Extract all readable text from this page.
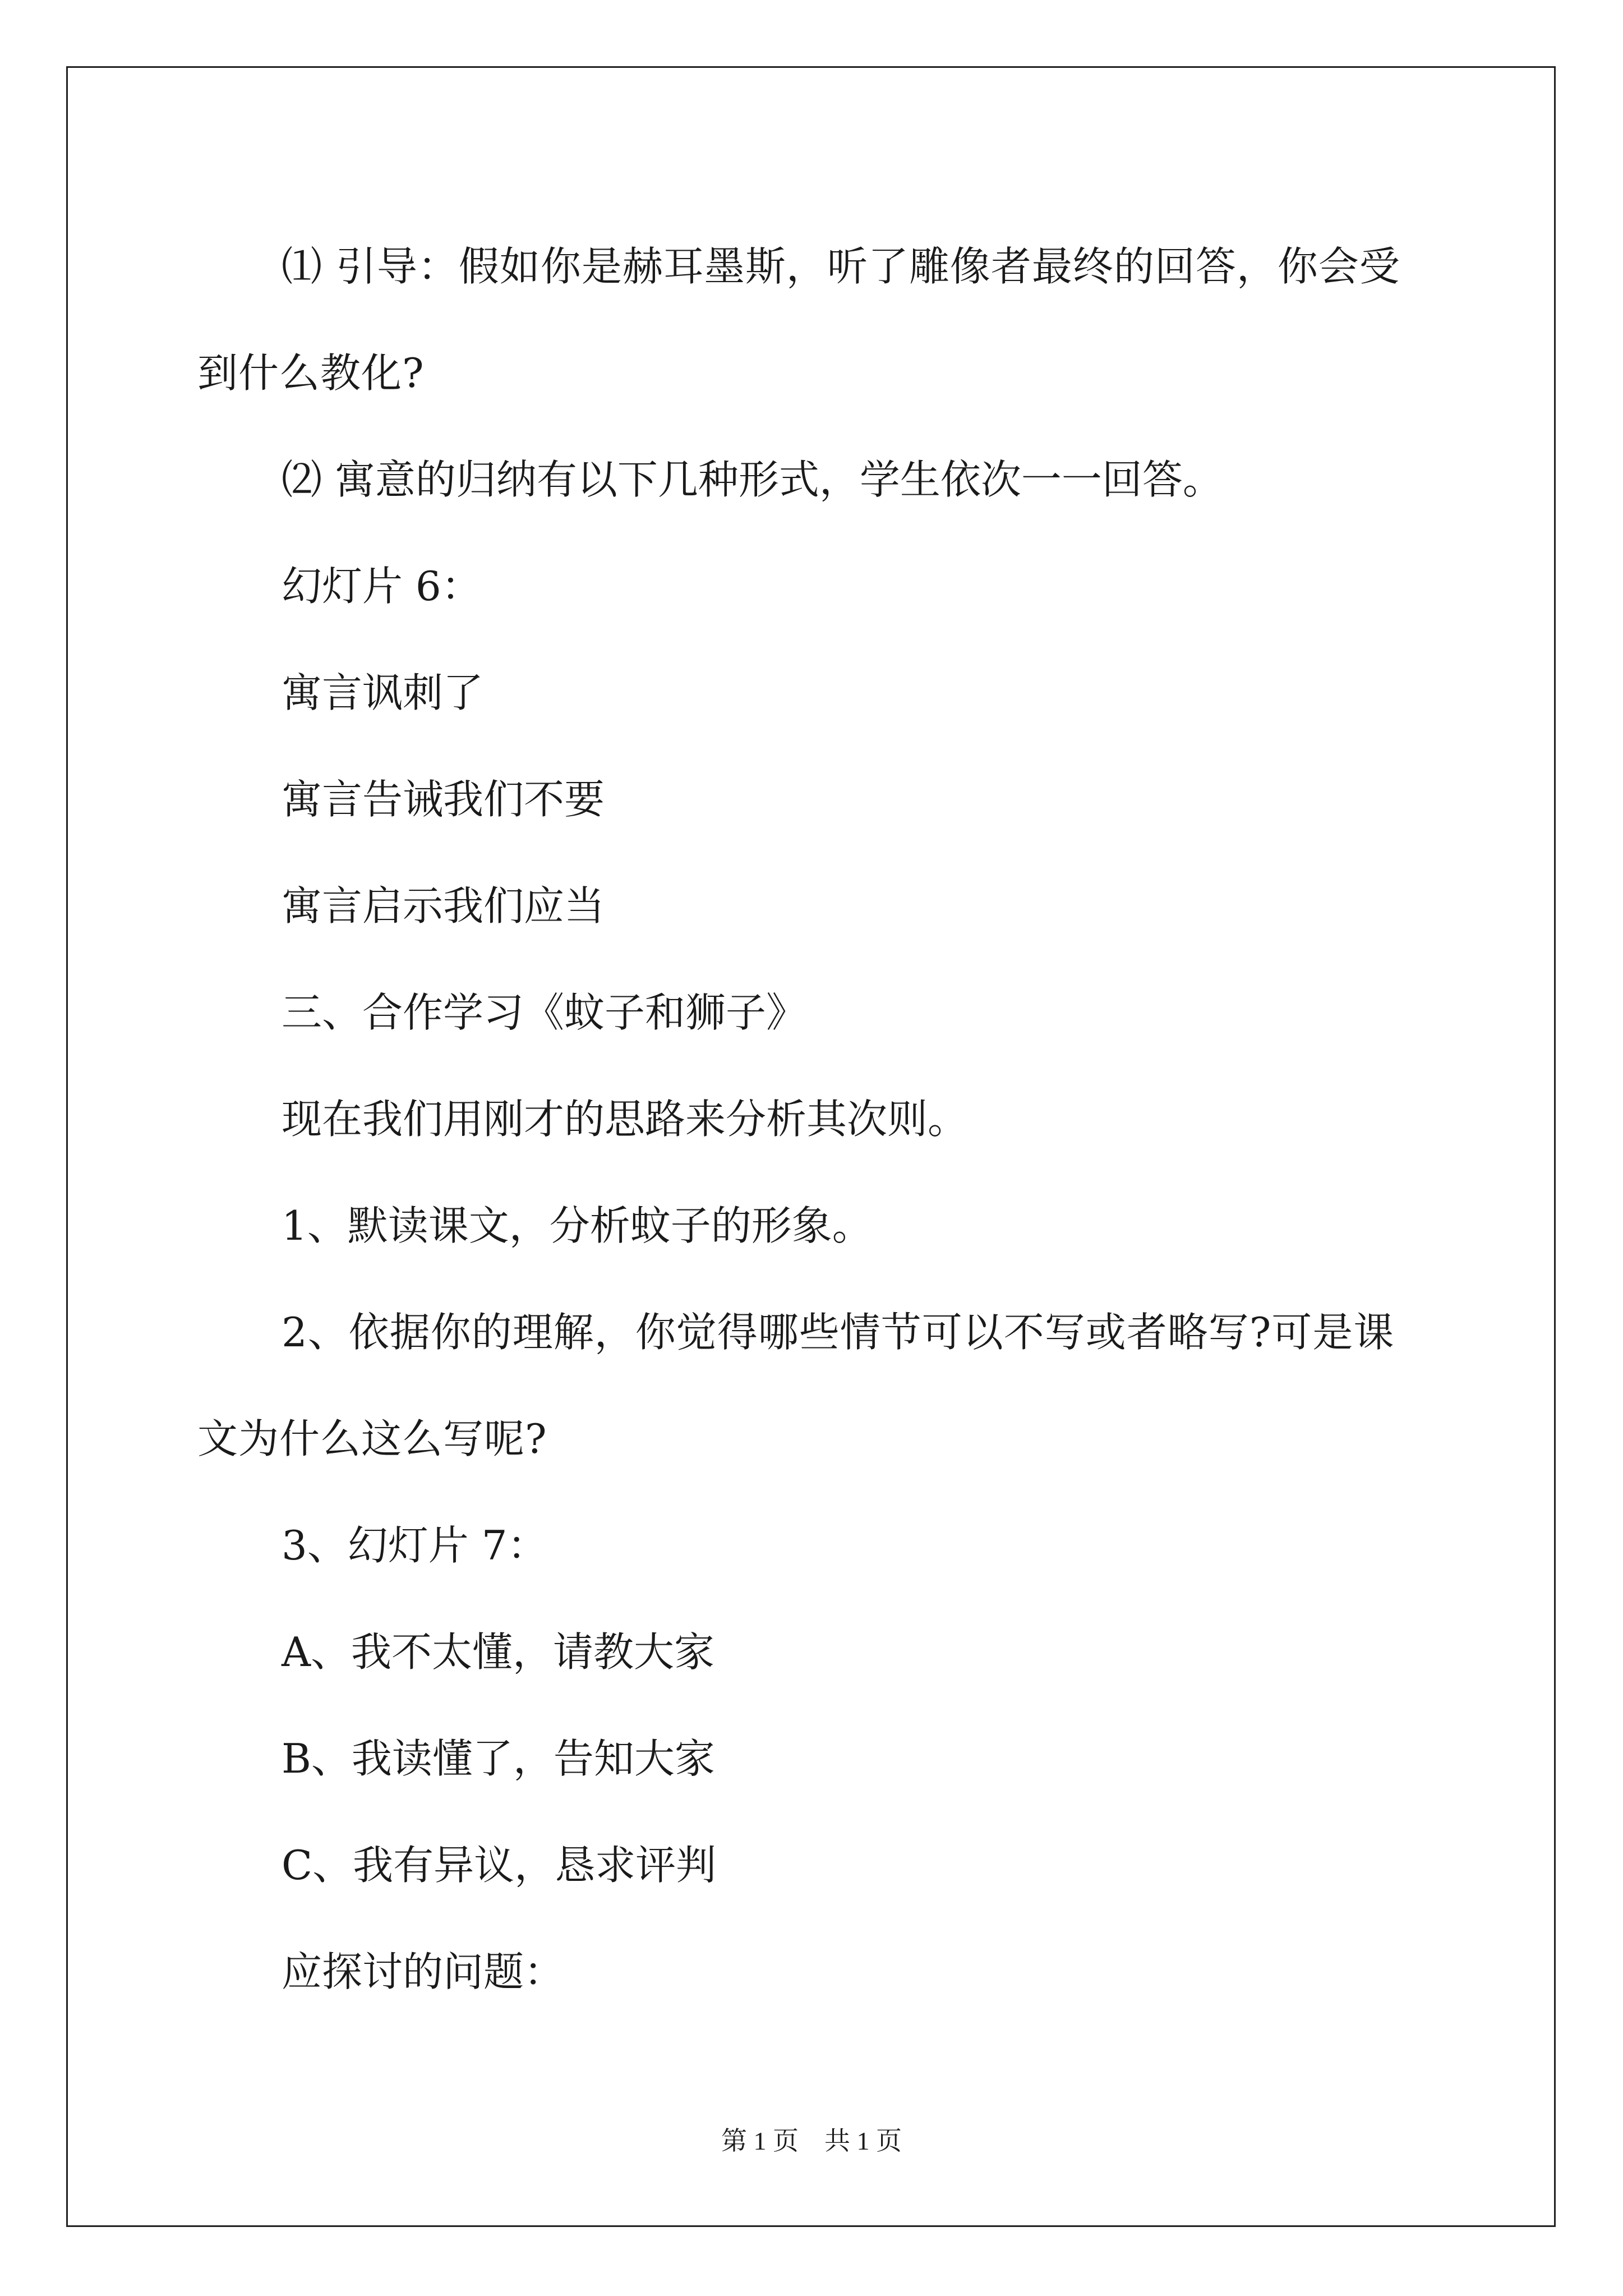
⑴ 引导：假如你是赫耳墨斯，听了雕像者最终的回答，你会受到什么教化?

⑵ 寓意的归纳有以下几种形式，学生依次一一回答。

幻灯片 6：

寓言讽刺了

寓言告诫我们不要

寓言启示我们应当

三、合作学习《蚊子和狮子》

现在我们用刚才的思路来分析其次则。

1、默读课文，分析蚊子的形象。

2、依据你的理解，你觉得哪些情节可以不写或者略写?可是课文为什么这么写呢?

3、幻灯片 7：

A、我不太懂，请教大家

B、我读懂了，告知大家

C、我有异议，恳求评判

应探讨的问题：

第 1 页　共 1 页
